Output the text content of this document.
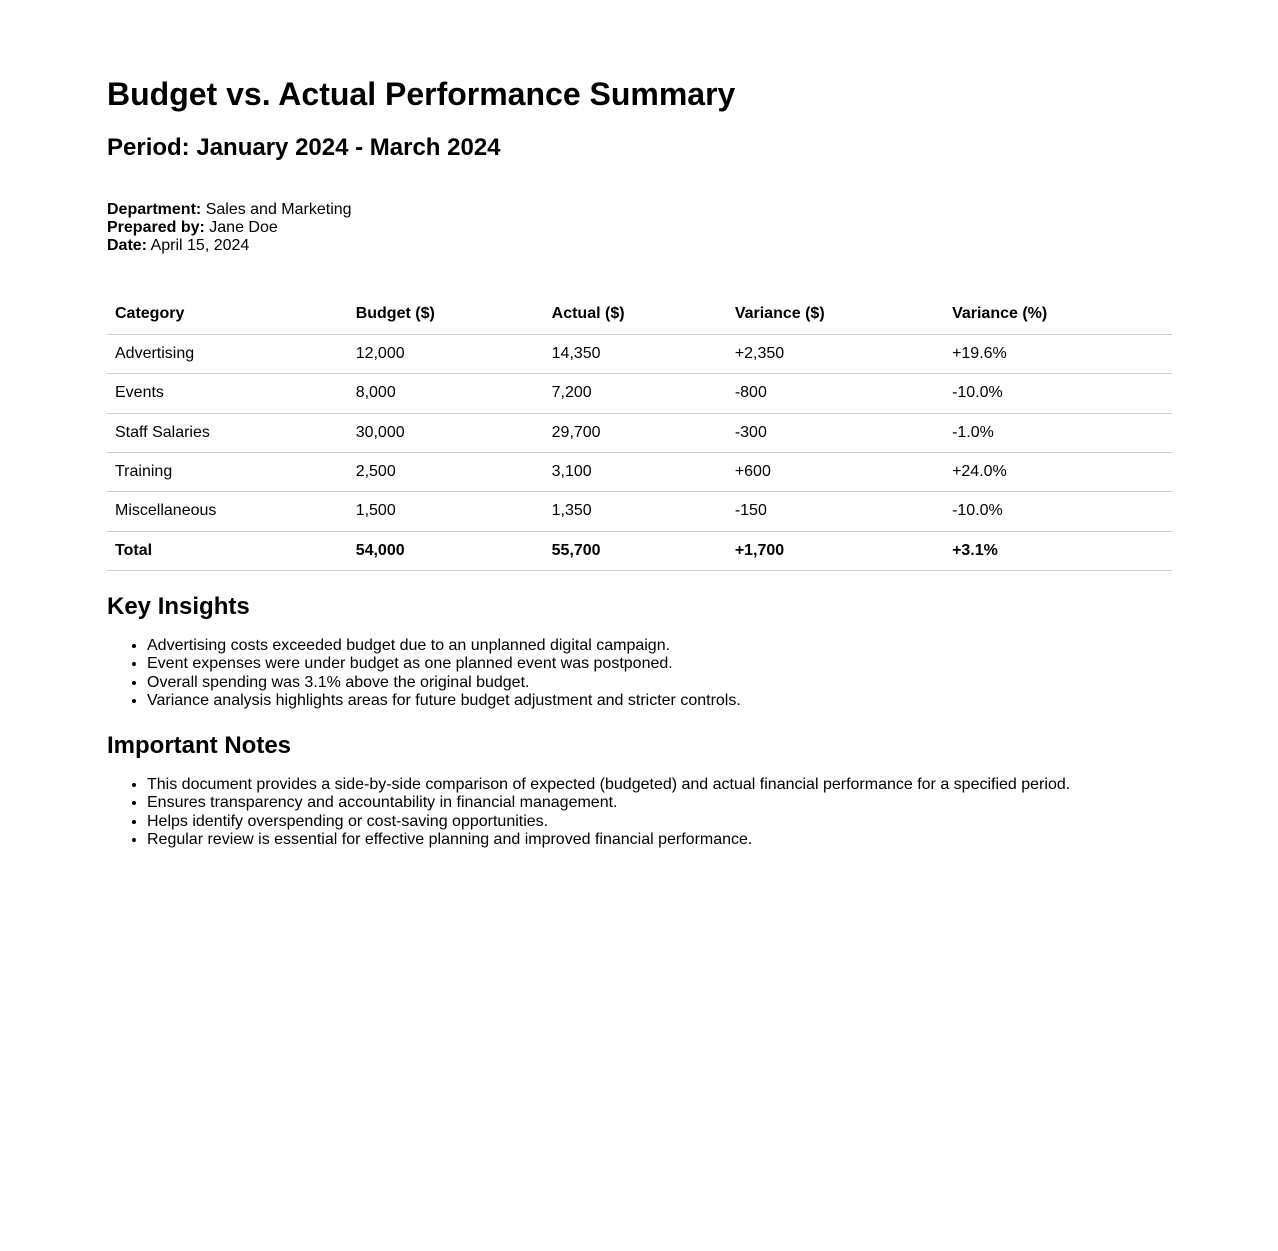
Budget vs. Actual Performance Summary
Period: January 2024 - March 2024

Department: Sales and Marketing
Prepared by: Jane Doe
Date: April 15, 2024

Category	Budget ($)	Actual ($)	Variance ($)	Variance (%)
Advertising	12,000	14,350	+2,350	+19.6%
Events	8,000	7,200	-800	-10.0%
Staff Salaries	30,000	29,700	-300	-1.0%
Training	2,500	3,100	+600	+24.0%
Miscellaneous	1,500	1,350	-150	-10.0%
Total	54,000	55,700	+1,700	+3.1%
Key Insights
• Advertising costs exceeded budget due to an unplanned digital campaign.
• Event expenses were under budget as one planned event was postponed.
• Overall spending was 3.1% above the original budget.
• Variance analysis highlights areas for future budget adjustment and stricter controls.
Important Notes
• This document provides a side-by-side comparison of expected (budgeted) and actual financial performance for a specified period.
• Ensures transparency and accountability in financial management.
• Helps identify overspending or cost-saving opportunities.
• Regular review is essential for effective planning and improved financial performance.
